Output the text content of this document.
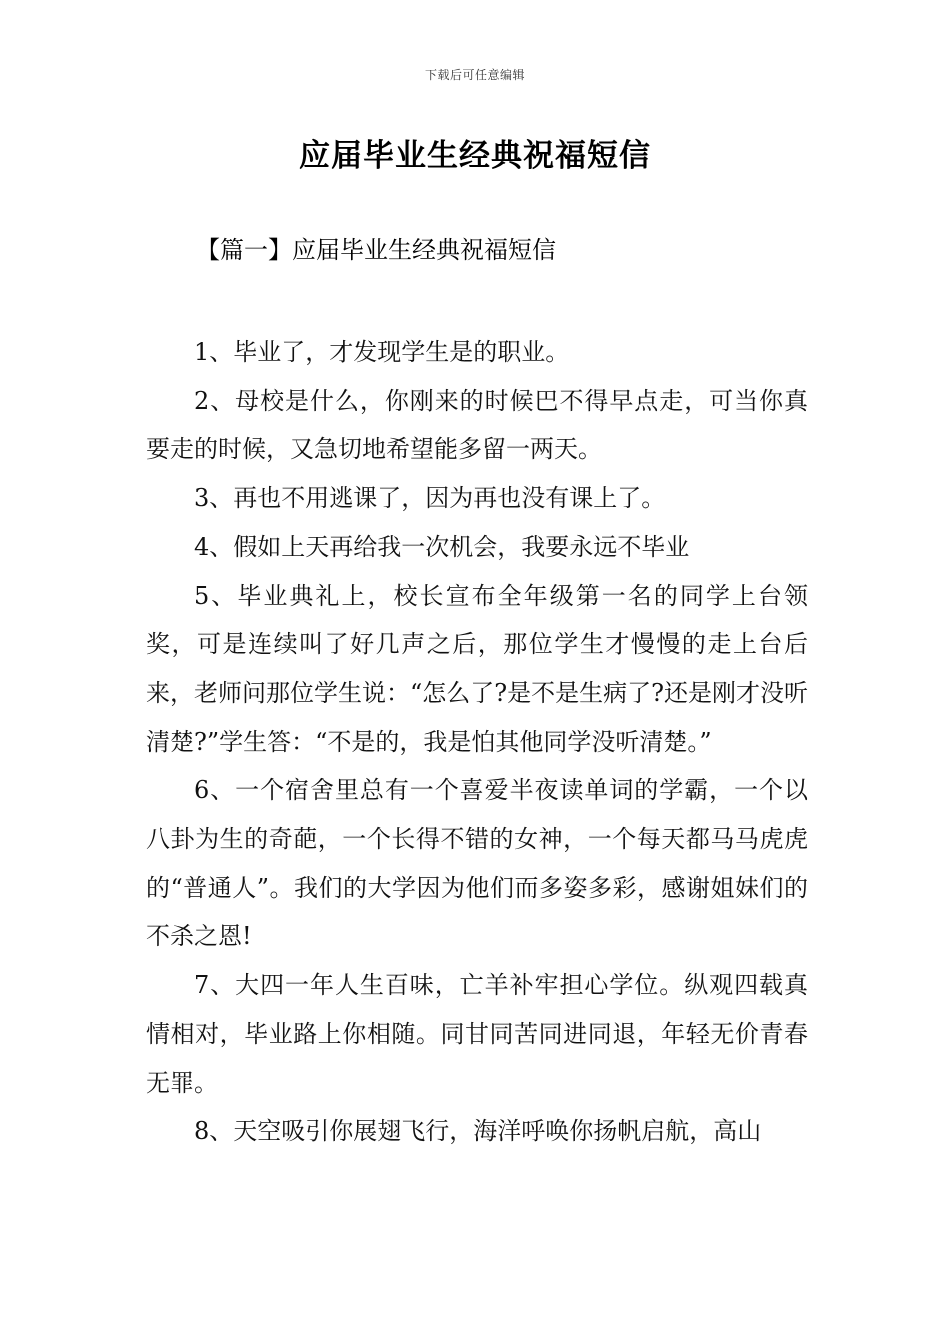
下载后可任意编辑
应届毕业生经典祝福短信
【篇一】应届毕业生经典祝福短信

1、毕业了，才发现学生是的职业。

2、母校是什么，你刚来的时候巴不得早点走，可当你真要走的时候，又急切地希望能多留一两天。

3、再也不用逃课了，因为再也没有课上了。

4、假如上天再给我一次机会，我要永远不毕业

5、毕业典礼上，校长宣布全年级第一名的同学上台领奖，可是连续叫了好几声之后，那位学生才慢慢的走上台后来，老师问那位学生说：“怎么了?是不是生病了?还是刚才没听清楚?”学生答：“不是的，我是怕其他同学没听清楚。”

6、一个宿舍里总有一个喜爱半夜读单词的学霸，一个以八卦为生的奇葩，一个长得不错的女神，一个每天都马马虎虎的“普通人”。我们的大学因为他们而多姿多彩，感谢姐妹们的不杀之恩!

7、大四一年人生百味，亡羊补牢担心学位。纵观四载真情相对，毕业路上你相随。同甘同苦同进同退，年轻无价青春无罪。

8、天空吸引你展翅飞行，海洋呼唤你扬帆启航，高山
